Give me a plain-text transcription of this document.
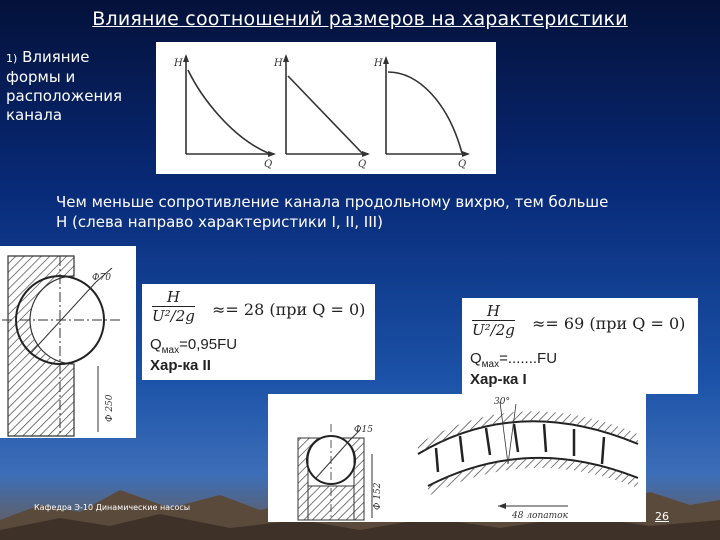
Влияние соотношений размеров на характеристики
1) Влияние формы и расположения канала
H
Q
H
Q
H
Q
Чем меньше сопротивление канала продольному вихрю, тем больше Н (слева направо характеристики I, II, III)
Ф70
Ф 250
$\frac{H}{\text{U²/2g}} \approx= 28$ (при Q = 0)
$Q_{мах}=0,95FU$
Хар-ка II
$\frac{H}{\text{U²/2g}} \approx= 69$ (при Q = 0)
$Q_{мах}=.......FU$
Хар-ка I
Ф15
Ф 152
30°
48 лопаток
Кафедра Э-10 Динамические насосы
26
